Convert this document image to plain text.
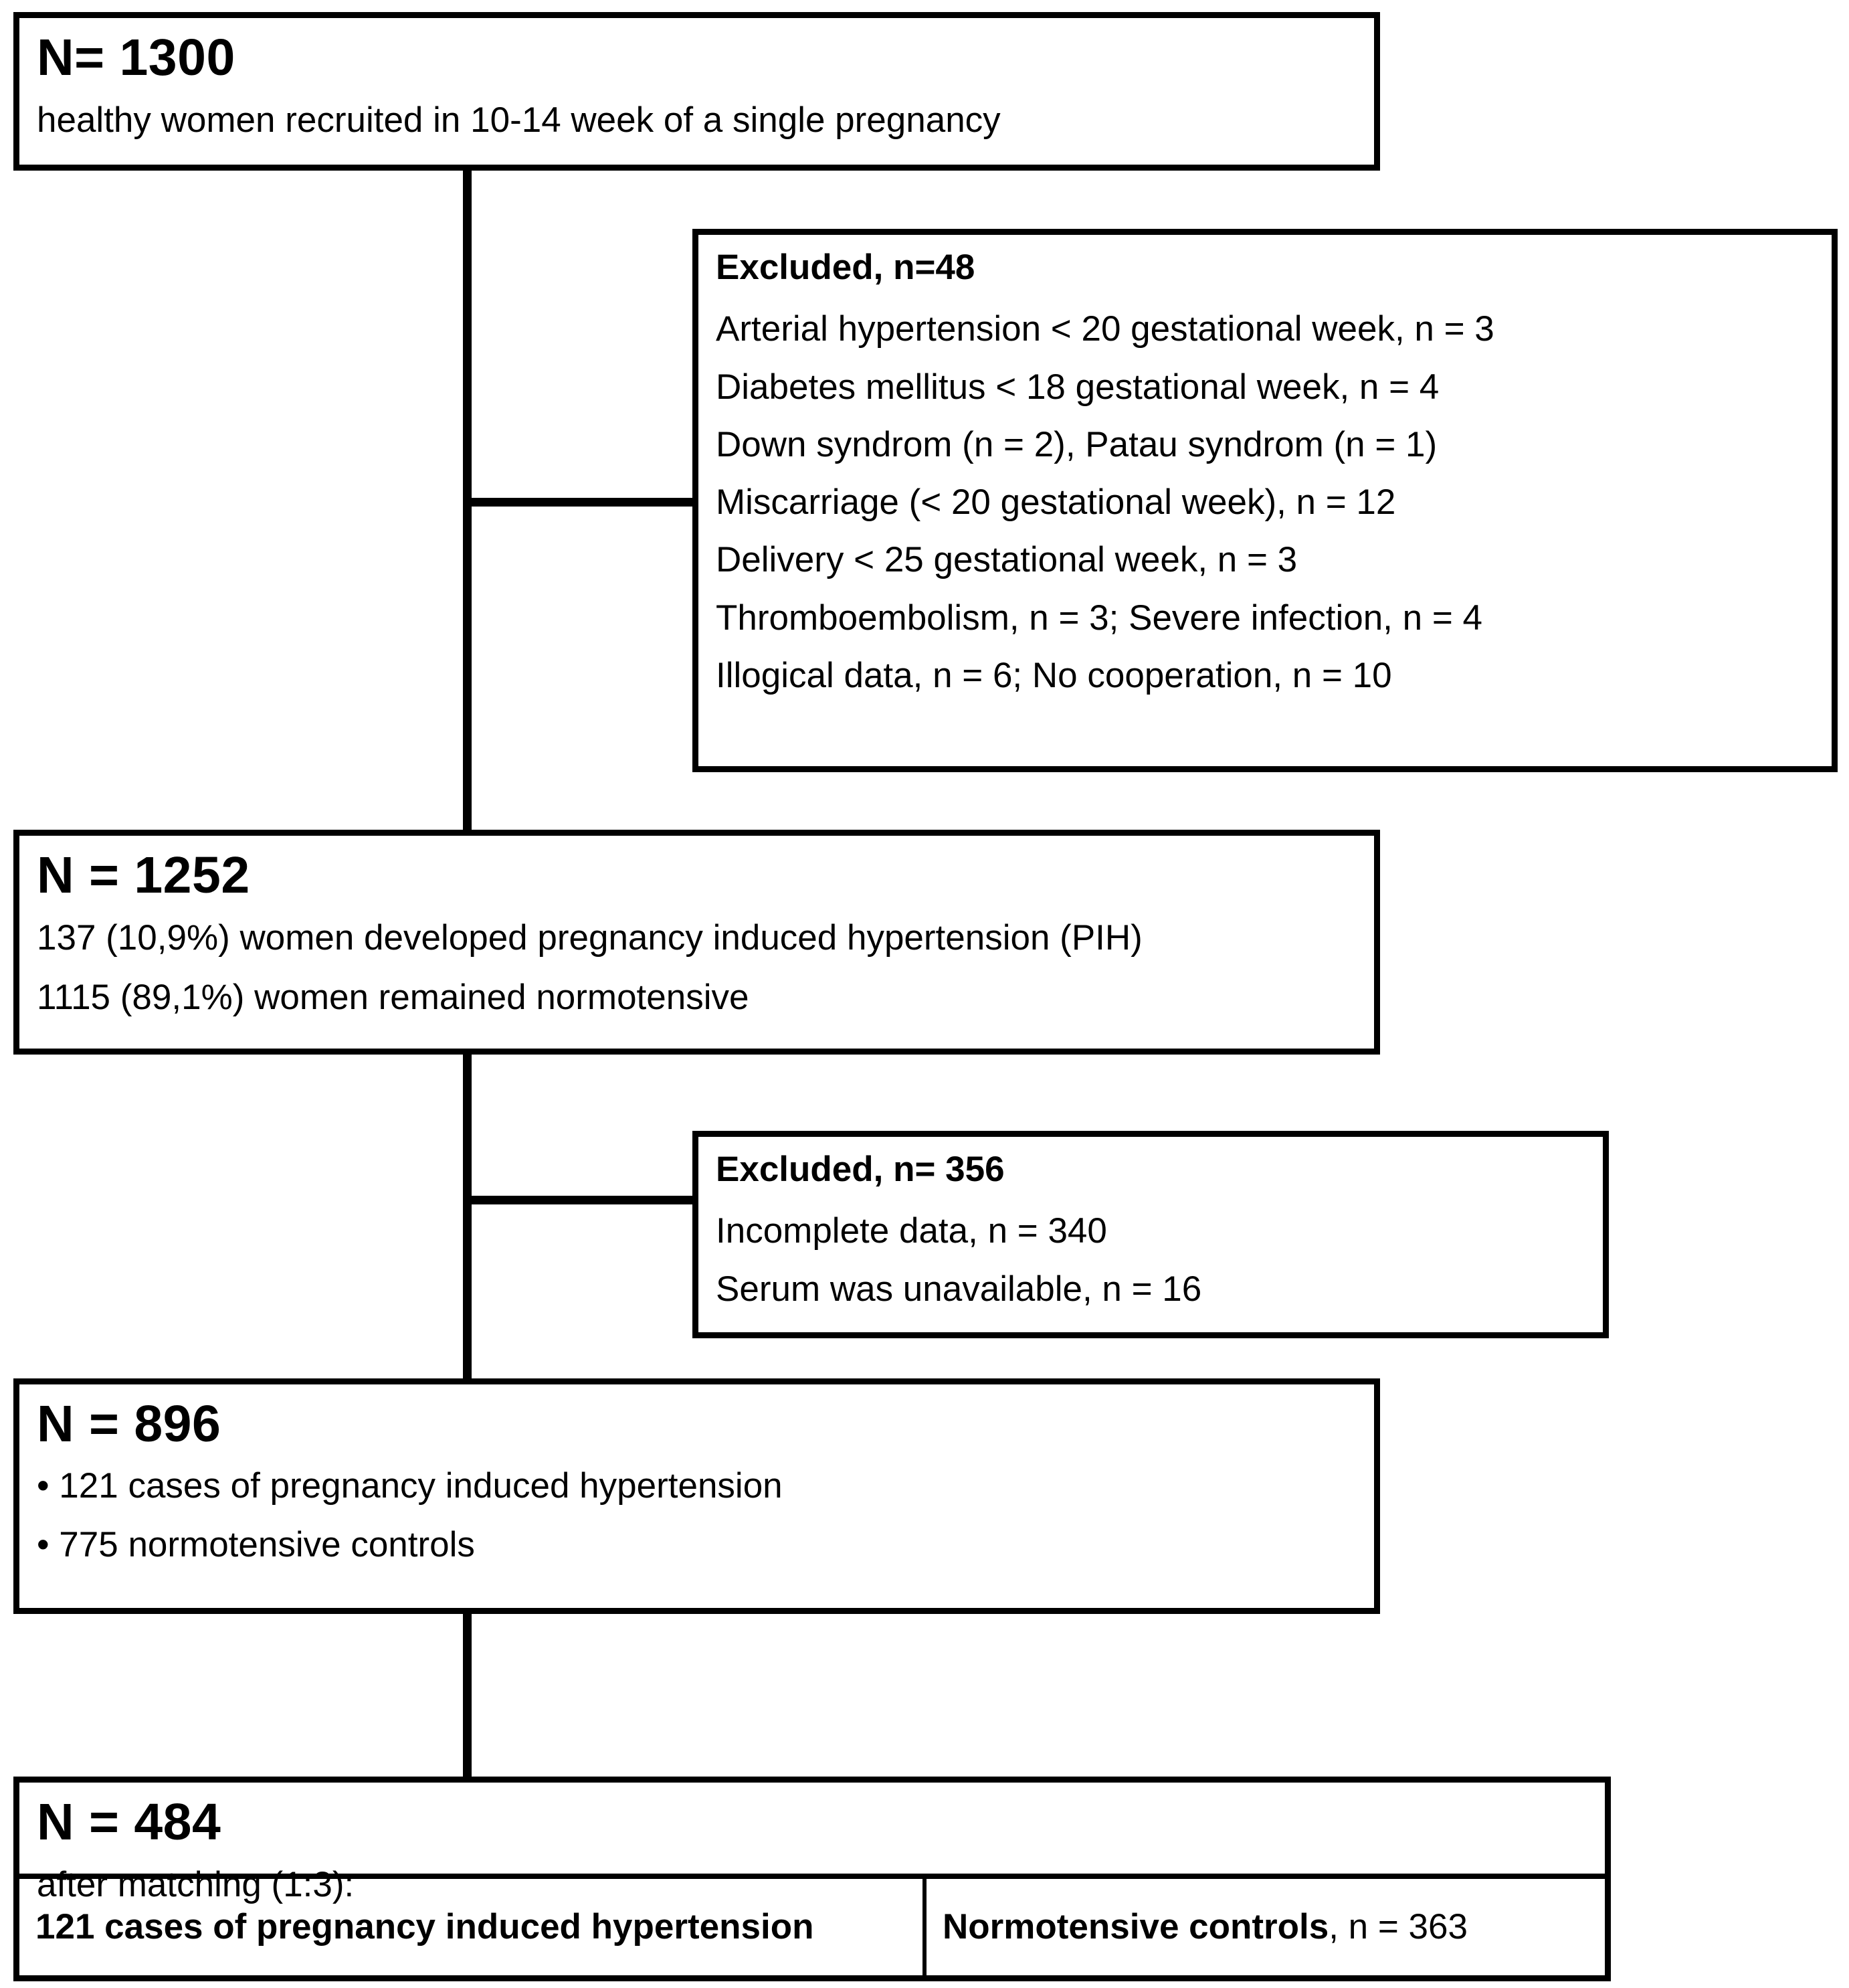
N= 1300
healthy women recruited in 10-14 week of a single pregnancy
Excluded, n=48
Arterial hypertension < 20 gestational week, n = 3
Diabetes mellitus < 18 gestational week, n = 4
Down syndrom (n = 2), Patau syndrom (n = 1)
Miscarriage (< 20 gestational week), n = 12
Delivery < 25 gestational week, n = 3
Thromboembolism, n = 3; Severe infection, n = 4
Illogical data, n = 6; No cooperation, n = 10
N = 1252
137 (10,9%) women developed pregnancy induced hypertension (PIH)
1115 (89,1%) women remained normotensive
Excluded, n= 356
Incomplete data, n = 340
Serum was unavailable, n = 16
N = 896
• 121 cases of pregnancy induced hypertension
• 775 normotensive controls
N = 484
after matching (1:3):
121 cases of pregnancy induced hypertension	Normotensive controls , n = 363
